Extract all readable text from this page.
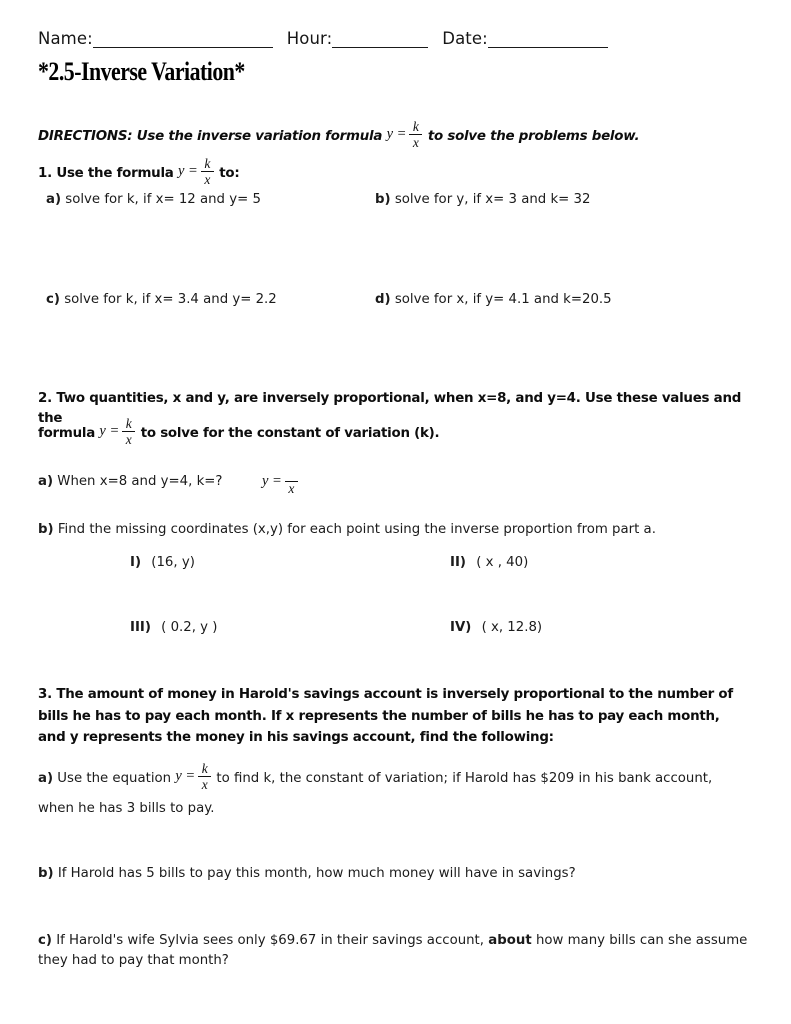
Name:	Hour:	Date:
*2.5-Inverse Variation*
DIRECTIONS: Use the inverse variation formula $y = \frac{k}{x}$ to solve the problems below.
1. Use the formula $y = \frac{k}{x}$ to:
a) solve for k, if x= 12 and y= 5	b) solve for y, if x= 3 and k= 32
c) solve for k, if x= 3.4 and y= 2.2	d) solve for x, if y= 4.1 and k=20.5
2. Two quantities, x and y, are inversely proportional, when x=8, and y=4. Use these values and the
formula $y = \frac{k}{x}$ to solve for the constant of variation (k).
a) When x=8 and y=4, k=?	y = x
b) Find the missing coordinates (x,y) for each point using the inverse proportion from part a.
I) (16, y)	II) ( x , 40)
III) ( 0.2, y )	IV) ( x, 12.8)
3. The amount of money in Harold's savings account is inversely proportional to the number of bills he has to pay each month. If x represents the number of bills he has to pay each month, and y represents the money in his savings account, find the following:
a) Use the equation $y = \frac{k}{x}$ to find k, the constant of variation; if Harold has $209 in his bank account,
when he has 3 bills to pay.
b) If Harold has 5 bills to pay this month, how much money will have in savings?
c) If Harold's wife Sylvia sees only $69.67 in their savings account, about how many bills can she assume they had to pay that month?
